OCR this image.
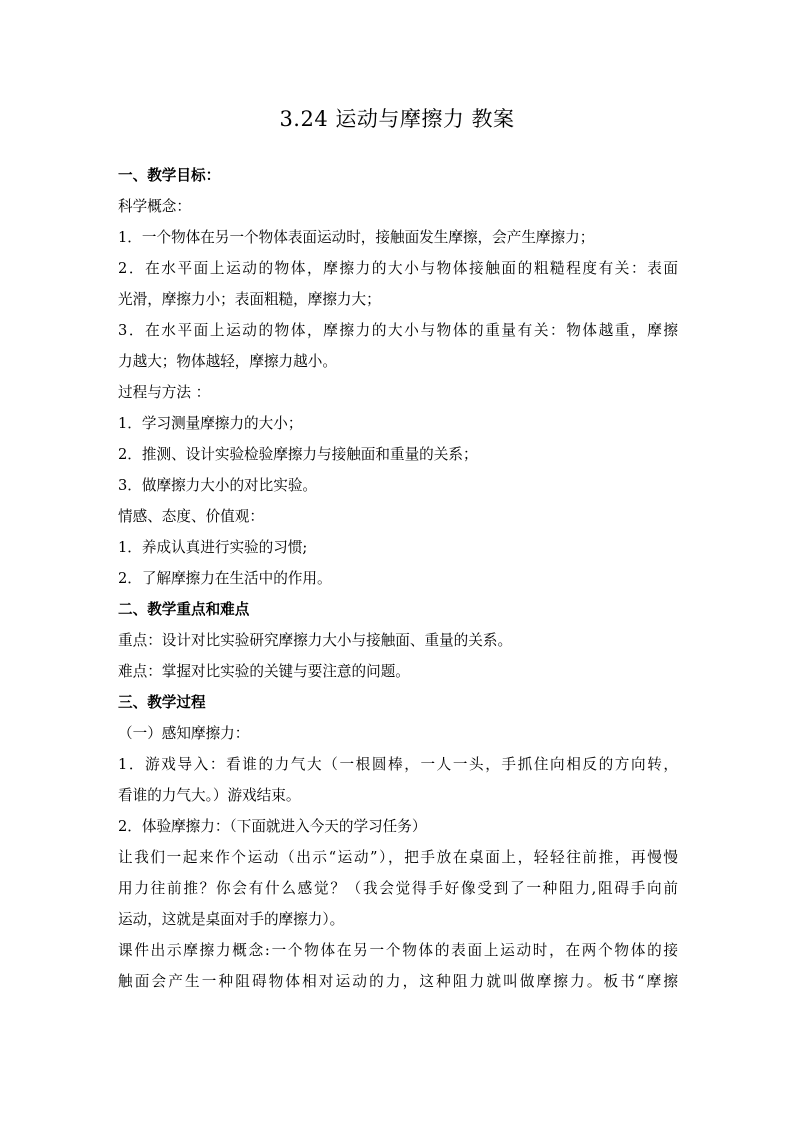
3.24 运动与摩擦力 教案
一、教学目标：
科学概念：
1．一个物体在另一个物体表面运动时，接触面发生摩擦，会产生摩擦力；
2．在水平面上运动的物体，摩擦力的大小与物体接触面的粗糙程度有关：表面
光滑，摩擦力小；表面粗糙，摩擦力大；
3．在水平面上运动的物体，摩擦力的大小与物体的重量有关：物体越重，摩擦
力越大；物体越轻，摩擦力越小。
过程与方法 ：
1．学习测量摩擦力的大小；
2．推测、设计实验检验摩擦力与接触面和重量的关系；
3．做摩擦力大小的对比实验。
情感、态度、价值观：
1．养成认真进行实验的习惯;
2．了解摩擦力在生活中的作用。
二、教学重点和难点
重点：设计对比实验研究摩擦力大小与接触面、重量的关系。
难点：掌握对比实验的关键与要注意的问题。
三、教学过程
（一）感知摩擦力：
1．游戏导入：看谁的力气大（一根圆棒，一人一头，手抓住向相反的方向转，
看谁的力气大。）游戏结束。
2．体验摩擦力：（下面就进入今天的学习任务）
让我们一起来作个运动（出示“运动”），把手放在桌面上，轻轻往前推，再慢慢
用力往前推？你会有什么感觉？（我会觉得手好像受到了一种阻力,阻碍手向前
运动，这就是桌面对手的摩擦力）。
课件出示摩擦力概念:一个物体在另一个物体的表面上运动时，在两个物体的接
触面会产生一种阻碍物体相对运动的力，这种阻力就叫做摩擦力。板书“摩擦
